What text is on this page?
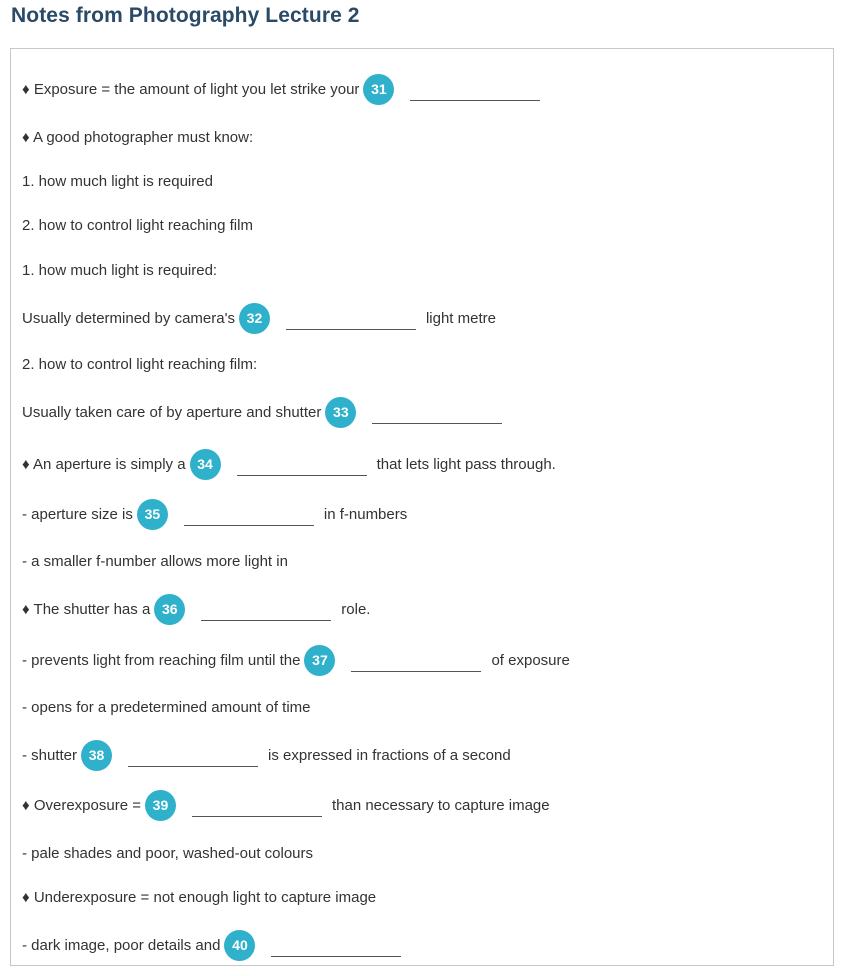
Notes from Photography Lecture 2
♦ Exposure = the amount of light you let strike your 31
♦ A good photographer must know:
1. how much light is required
2. how to control light reaching film
1. how much light is required:
Usually determined by camera's 32	light metre
2. how to control light reaching film:
Usually taken care of by aperture and shutter 33
♦ An aperture is simply a 34	that lets light pass through.
- aperture size is 35	in f-numbers
- a smaller f-number allows more light in
♦ The shutter has a 36	role.
- prevents light from reaching film until the 37	of exposure
- opens for a predetermined amount of time
- shutter 38	is expressed in fractions of a second
♦ Overexposure = 39	than necessary to capture image
- pale shades and poor, washed-out colours
♦ Underexposure = not enough light to capture image
- dark image, poor details and 40
